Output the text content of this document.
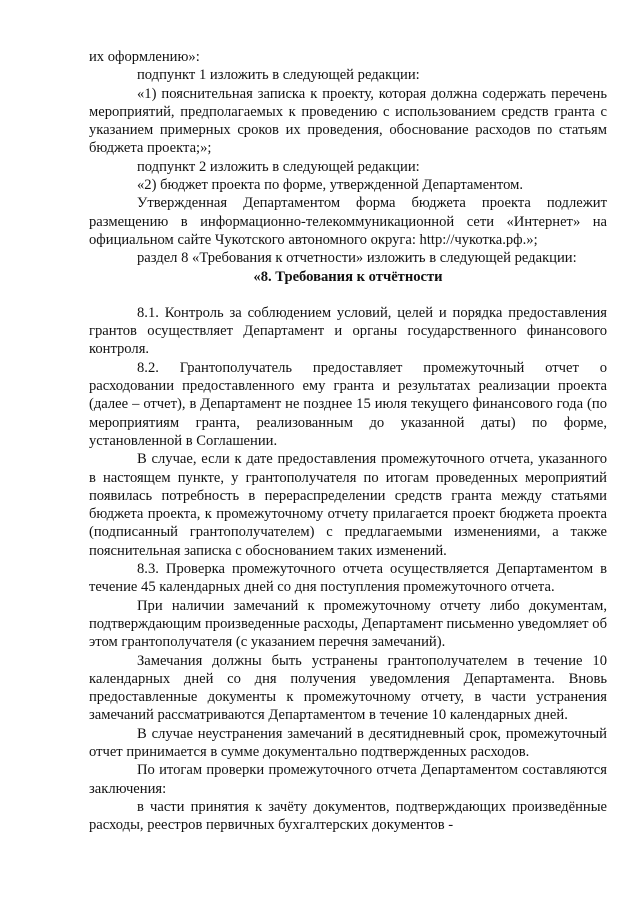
их оформлению»:

подпункт 1 изложить в следующей редакции:

«1) пояснительная записка к проекту, которая должна содержать перечень мероприятий, предполагаемых к проведению с использованием средств гранта с указанием примерных сроков их проведения, обоснование расходов по статьям бюджета проекта;»;

подпункт 2 изложить в следующей редакции:

«2) бюджет проекта по форме, утвержденной Департаментом.

Утвержденная Департаментом форма бюджета проекта подлежит размещению в информационно-телекоммуникационной сети «Интернет» на официальном сайте Чукотского автономного округа: http://чукотка.рф.»;

раздел 8 «Требования к отчетности» изложить в следующей редакции:

«8. Требования к отчётности

8.1. Контроль за соблюдением условий, целей и порядка предоставления грантов осуществляет Департамент и органы государственного финансового контроля.

8.2. Грантополучатель предоставляет промежуточный отчет о расходовании предоставленного ему гранта и результатах реализации проекта (далее – отчет), в Департамент не позднее 15 июля текущего финансового года (по мероприятиям гранта, реализованным до указанной даты) по форме, установленной в Соглашении.

В случае, если к дате предоставления промежуточного отчета, указанного в настоящем пункте, у грантополучателя по итогам проведенных мероприятий появилась потребность в перераспределении средств гранта между статьями бюджета проекта, к промежуточному отчету прилагается проект бюджета проекта (подписанный грантополучателем) с предлагаемыми изменениями, а также пояснительная записка с обоснованием таких изменений.

8.3. Проверка промежуточного отчета осуществляется Департаментом в течение 45 календарных дней со дня поступления промежуточного отчета.

При наличии замечаний к промежуточному отчету либо документам, подтверждающим произведенные расходы, Департамент письменно уведомляет об этом грантополучателя (с указанием перечня замечаний).

Замечания должны быть устранены грантополучателем в течение 10 календарных дней со дня получения уведомления Департамента. Вновь предоставленные документы к промежуточному отчету, в части устранения замечаний рассматриваются Департаментом в течение 10 календарных дней.

В случае неустранения замечаний в десятидневный срок, промежуточный отчет принимается в сумме документально подтвержденных расходов.

По итогам проверки промежуточного отчета Департаментом составляются заключения:

в части принятия к зачёту документов, подтверждающих произведённые расходы, реестров первичных бухгалтерских документов -
